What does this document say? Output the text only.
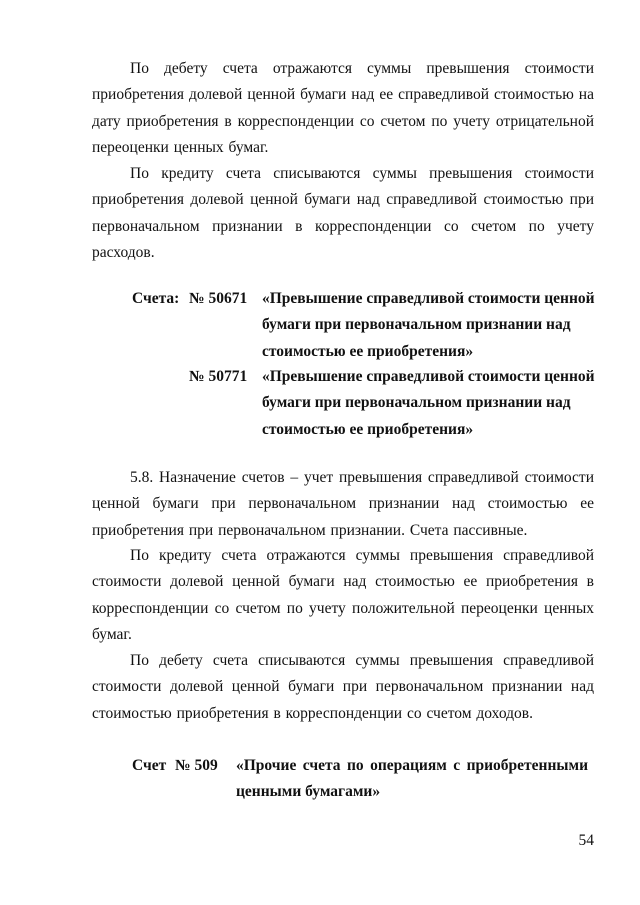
По дебету счета отражаются суммы превышения стоимости приобретения долевой ценной бумаги над ее справедливой стоимостью на дату приобретения в корреспонденции со счетом по учету отрицательной переоценки ценных бумаг.

По кредиту счета списываются суммы превышения стоимости приобретения долевой ценной бумаги над справедливой стоимостью при первоначальном признании в корреспонденции со счетом по учету расходов.

Счета: № 50671 «Превышение справедливой стоимости ценной бумаги при первоначальном признании над стоимостью ее приобретения»

№ 50771 «Превышение справедливой стоимости ценной бумаги при первоначальном признании над стоимостью ее приобретения»

5.8. Назначение счетов – учет превышения справедливой стоимости ценной бумаги при первоначальном признании над стоимостью ее приобретения при первоначальном признании. Счета пассивные.

По кредиту счета отражаются суммы превышения справедливой стоимости долевой ценной бумаги над стоимостью ее приобретения в корреспонденции со счетом по учету положительной переоценки ценных бумаг.

По дебету счета списываются суммы превышения справедливой стоимости долевой ценной бумаги при первоначальном признании над стоимостью приобретения в корреспонденции со счетом доходов.

Счет № 509 «Прочие счета по операциям с приобретенными ценными бумагами»

54
